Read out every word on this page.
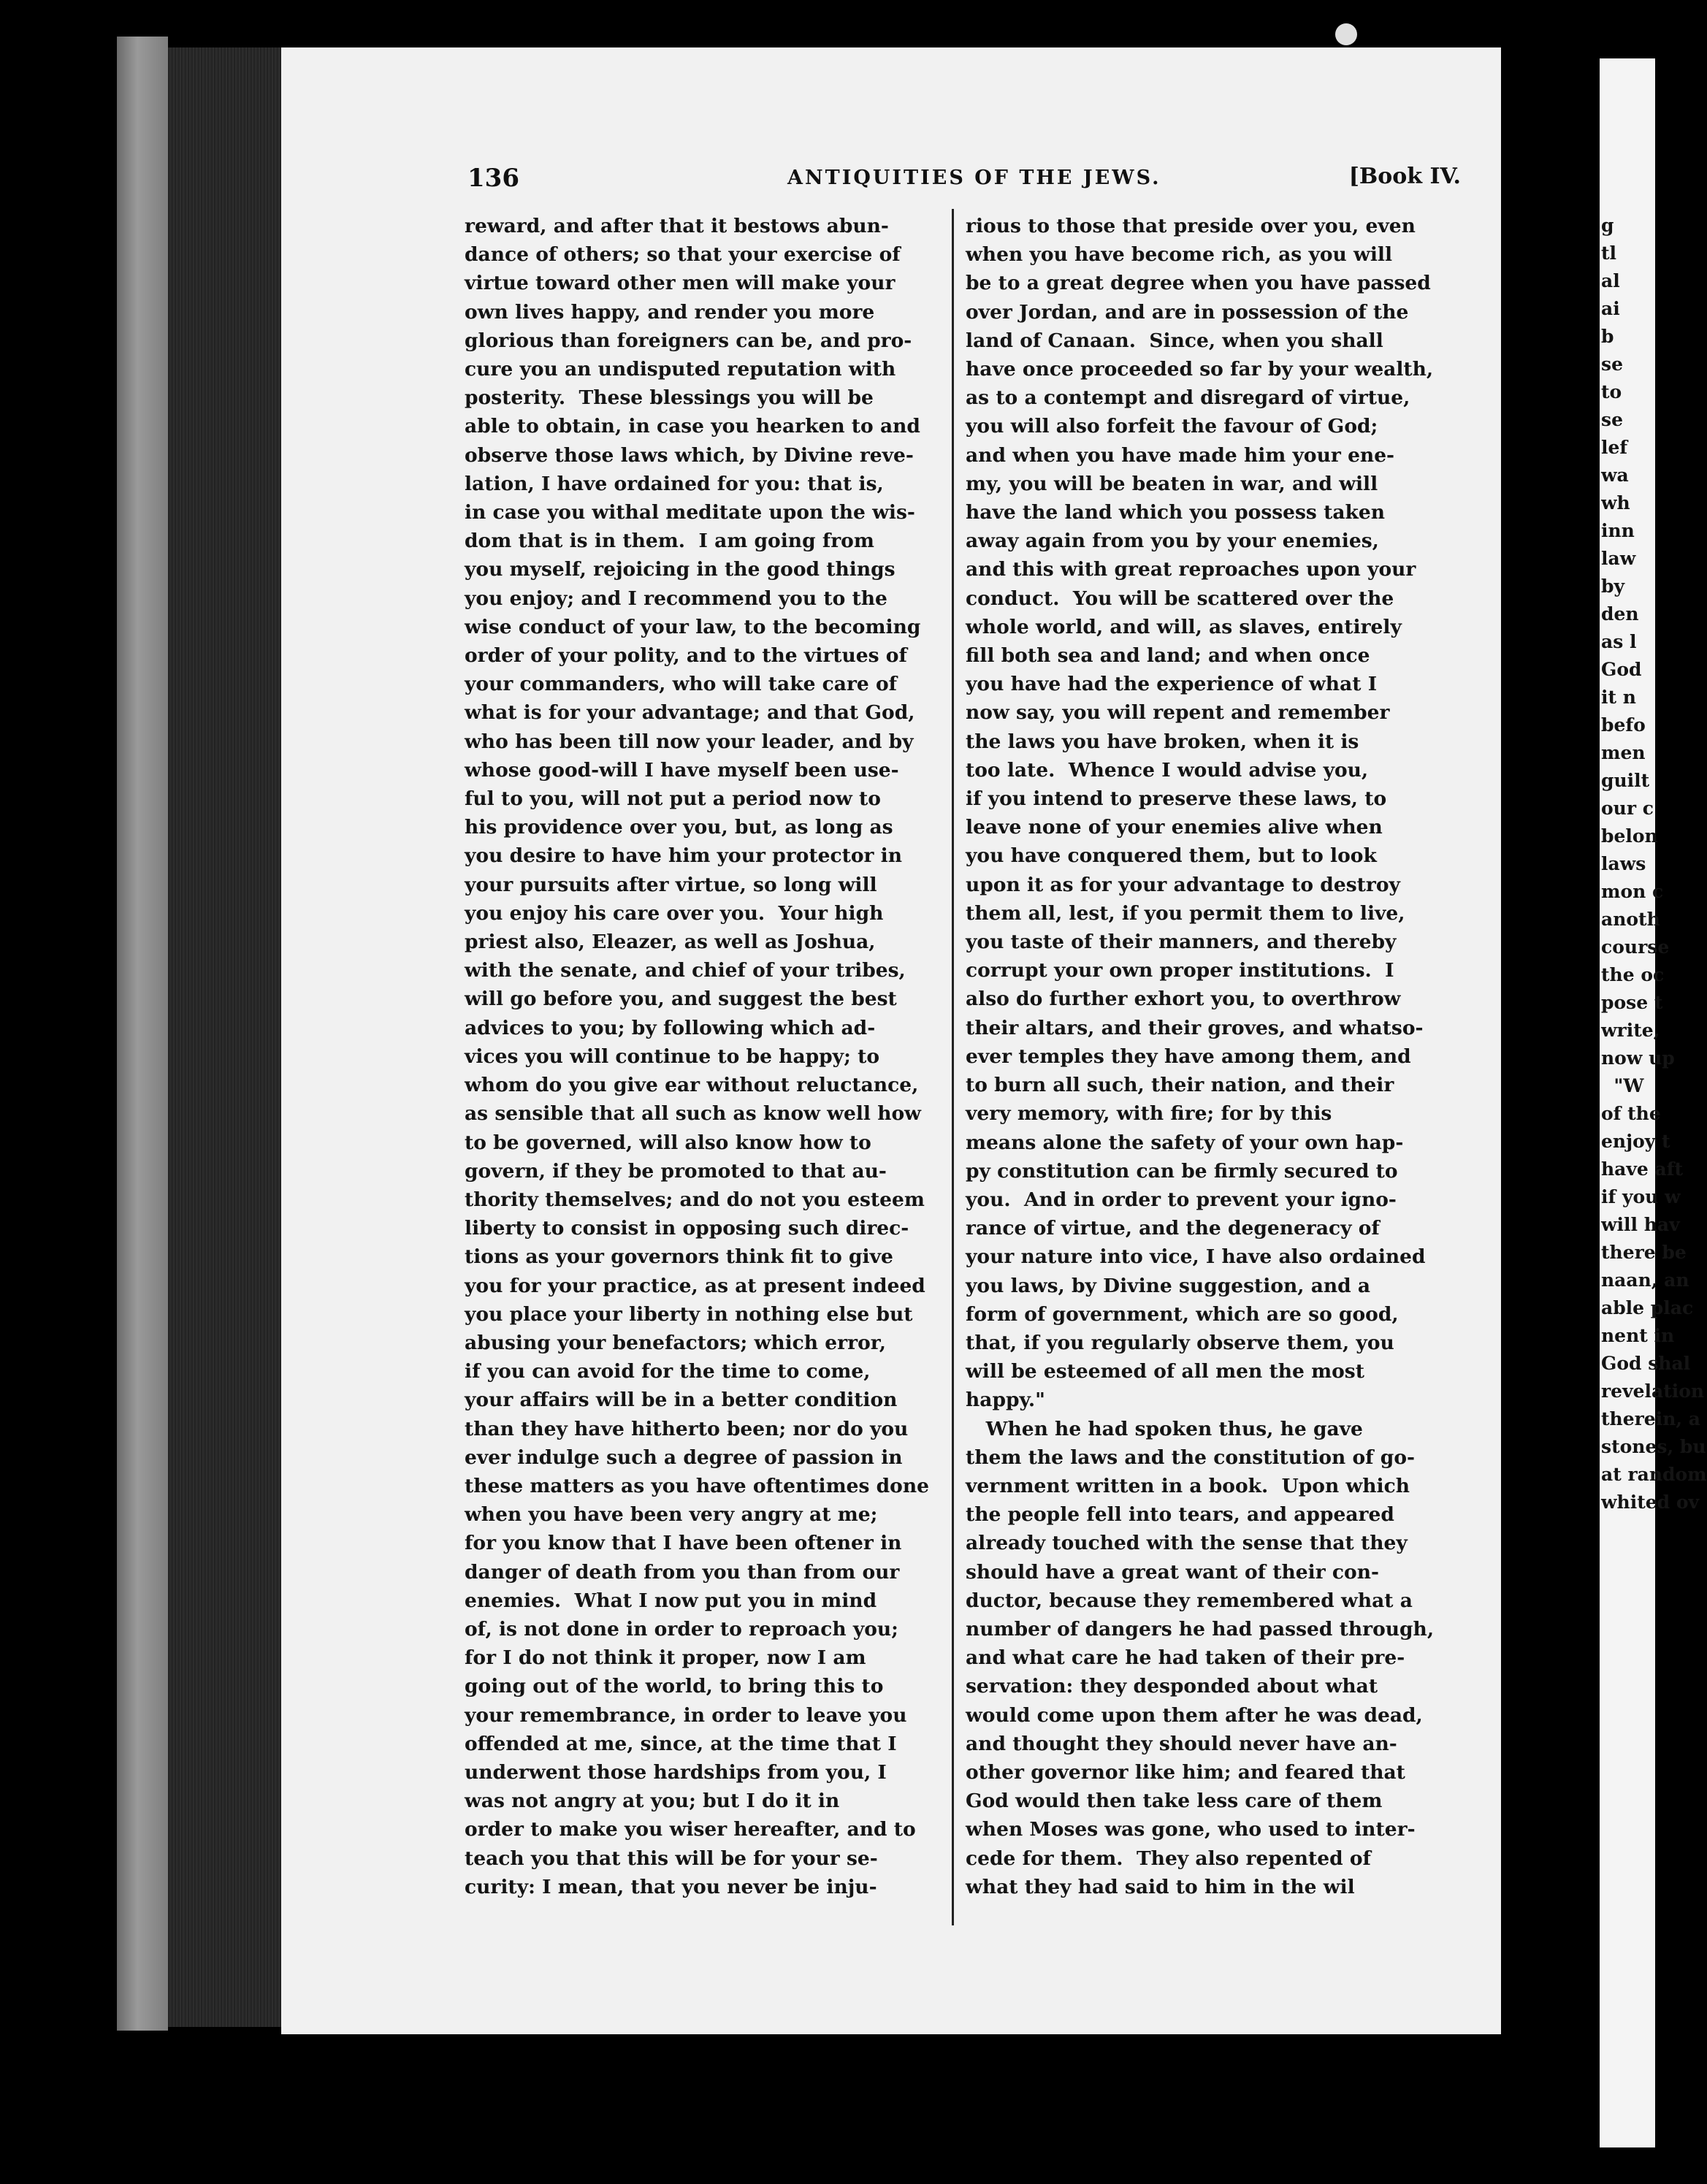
136	ANTIQUITIES OF THE JEWS.	[Book IV.
reward, and after that it bestows abun-
dance of others; so that your exercise of
virtue toward other men will make your
own lives happy, and render you more
glorious than foreigners can be, and pro-
cure you an undisputed reputation with
posterity.  These blessings you will be
able to obtain, in case you hearken to and
observe those laws which, by Divine reve-
lation, I have ordained for you: that is,
in case you withal meditate upon the wis-
dom that is in them.  I am going from
you myself, rejoicing in the good things
you enjoy; and I recommend you to the
wise conduct of your law, to the becoming
order of your polity, and to the virtues of
your commanders, who will take care of
what is for your advantage; and that God,
who has been till now your leader, and by
whose good-will I have myself been use-
ful to you, will not put a period now to
his providence over you, but, as long as
you desire to have him your protector in
your pursuits after virtue, so long will
you enjoy his care over you.  Your high
priest also, Eleazer, as well as Joshua,
with the senate, and chief of your tribes,
will go before you, and suggest the best
advices to you; by following which ad-
vices you will continue to be happy; to
whom do you give ear without reluctance,
as sensible that all such as know well how
to be governed, will also know how to
govern, if they be promoted to that au-
thority themselves; and do not you esteem
liberty to consist in opposing such direc-
tions as your governors think fit to give
you for your practice, as at present indeed
you place your liberty in nothing else but
abusing your benefactors; which error,
if you can avoid for the time to come,
your affairs will be in a better condition
than they have hitherto been; nor do you
ever indulge such a degree of passion in
these matters as you have oftentimes done
when you have been very angry at me;
for you know that I have been oftener in
danger of death from you than from our
enemies.  What I now put you in mind
of, is not done in order to reproach you;
for I do not think it proper, now I am
going out of the world, to bring this to
your remembrance, in order to leave you
offended at me, since, at the time that I
underwent those hardships from you, I
was not angry at you; but I do it in
order to make you wiser hereafter, and to
teach you that this will be for your se-
curity: I mean, that you never be inju-
rious to those that preside over you, even
when you have become rich, as you will
be to a great degree when you have passed
over Jordan, and are in possession of the
land of Canaan.  Since, when you shall
have once proceeded so far by your wealth,
as to a contempt and disregard of virtue,
you will also forfeit the favour of God;
and when you have made him your ene-
my, you will be beaten in war, and will
have the land which you possess taken
away again from you by your enemies,
and this with great reproaches upon your
conduct.  You will be scattered over the
whole world, and will, as slaves, entirely
fill both sea and land; and when once
you have had the experience of what I
now say, you will repent and remember
the laws you have broken, when it is
too late.  Whence I would advise you,
if you intend to preserve these laws, to
leave none of your enemies alive when
you have conquered them, but to look
upon it as for your advantage to destroy
them all, lest, if you permit them to live,
you taste of their manners, and thereby
corrupt your own proper institutions.  I
also do further exhort you, to overthrow
their altars, and their groves, and whatso-
ever temples they have among them, and
to burn all such, their nation, and their
very memory, with fire; for by this
means alone the safety of your own hap-
py constitution can be firmly secured to
you.  And in order to prevent your igno-
rance of virtue, and the degeneracy of
your nature into vice, I have also ordained
you laws, by Divine suggestion, and a
form of government, which are so good,
that, if you regularly observe them, you
will be esteemed of all men the most
happy."
When he had spoken thus, he gave
them the laws and the constitution of go-
vernment written in a book.  Upon which
the people fell into tears, and appeared
already touched with the sense that they
should have a great want of their con-
ductor, because they remembered what a
number of dangers he had passed through,
and what care he had taken of their pre-
servation: they desponded about what
would come upon them after he was dead,
and thought they should never have an-
other governor like him; and feared that
God would then take less care of them
when Moses was gone, who used to inter-
cede for them.  They also repented of
what they had said to him in the wil
g
tl
al
ai
b
se
to
se
lef
wa
wh
inn
law
by
den
as l
God
it n
befo
men
guilt
our c
belon
laws
mon c
anoth
course
the oc
pose t
write,
now up
"W
of the
enjoy t
have aft
if you w
will hav
there be
naan, an
able plac
nent in
God shal
revelation
therein, a
stones, bu
at random
whited ov
